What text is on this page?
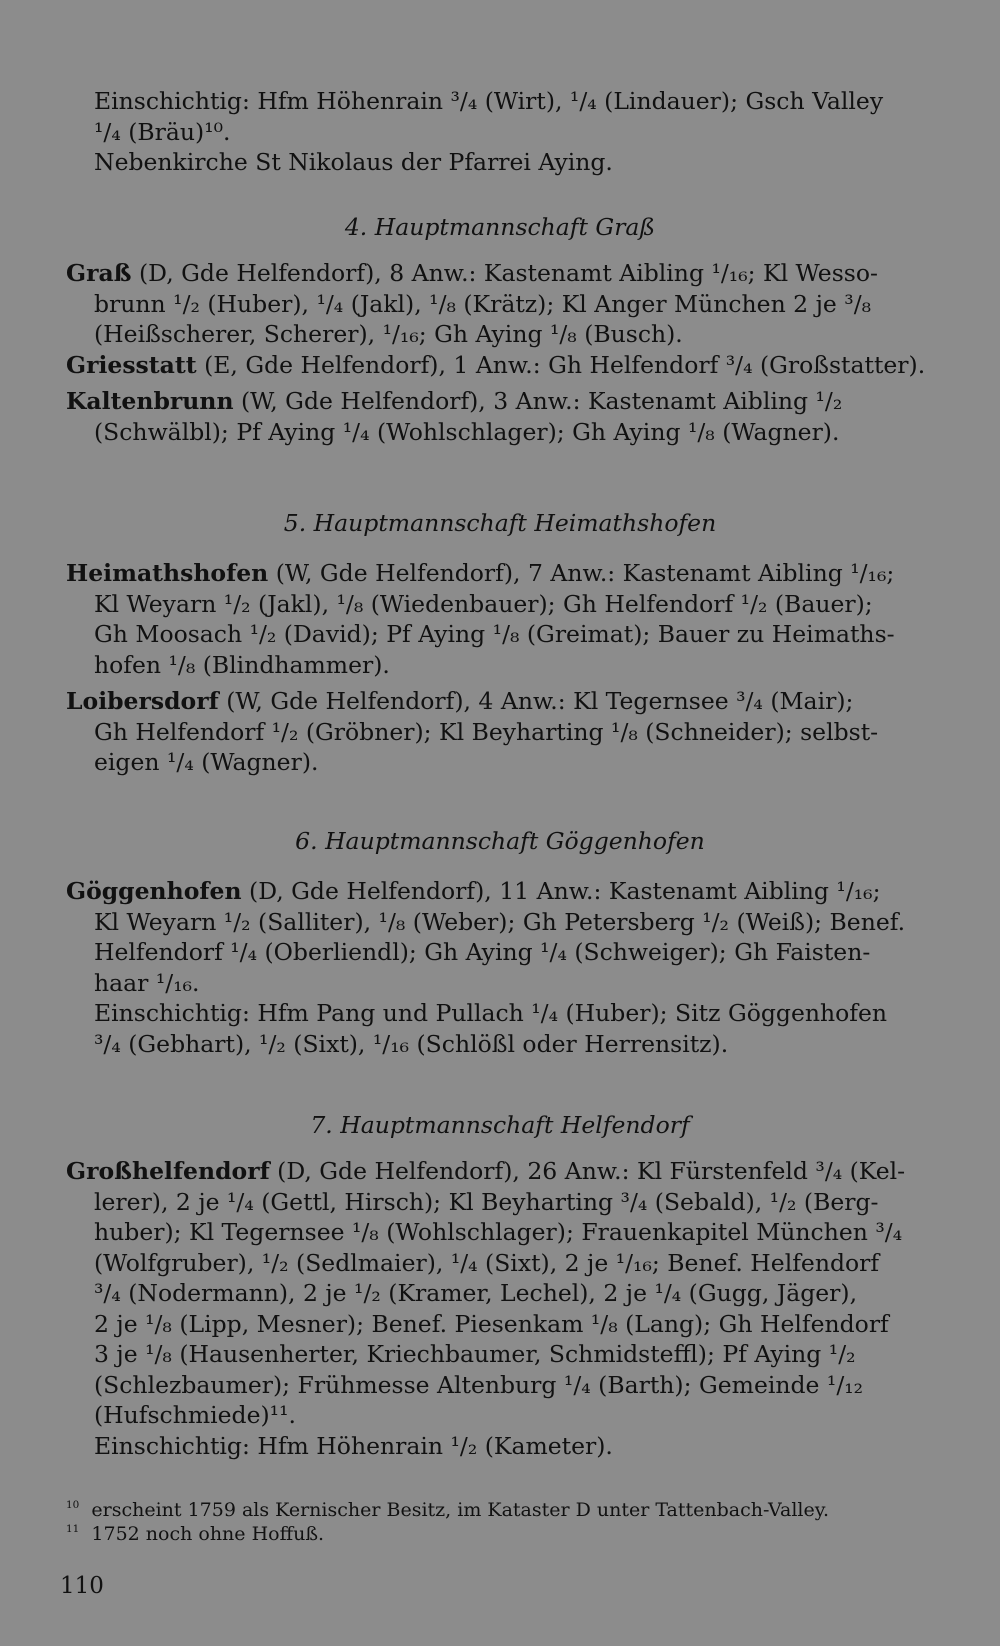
Einschichtig: Hfm Höhenrain ³/₄ (Wirt), ¹/₄ (Lindauer); Gsch Valley
¹/₄ (Bräu)¹⁰.
Nebenkirche St Nikolaus der Pfarrei Aying.
4. Hauptmannschaft Graß
Graß (D, Gde Helfendorf), 8 Anw.: Kastenamt Aibling ¹/₁₆; Kl Wesso-
brunn ¹/₂ (Huber), ¹/₄ (Jakl), ¹/₈ (Krätz); Kl Anger München 2 je ³/₈
(Heißscherer, Scherer), ¹/₁₆; Gh Aying ¹/₈ (Busch).
Griesstatt (E, Gde Helfendorf), 1 Anw.: Gh Helfendorf ³/₄ (Großstatter).
Kaltenbrunn (W, Gde Helfendorf), 3 Anw.: Kastenamt Aibling ¹/₂
(Schwälbl); Pf Aying ¹/₄ (Wohlschlager); Gh Aying ¹/₈ (Wagner).
5. Hauptmannschaft Heimathshofen
Heimathshofen (W, Gde Helfendorf), 7 Anw.: Kastenamt Aibling ¹/₁₆;
Kl Weyarn ¹/₂ (Jakl), ¹/₈ (Wiedenbauer); Gh Helfendorf ¹/₂ (Bauer);
Gh Moosach ¹/₂ (David); Pf Aying ¹/₈ (Greimat); Bauer zu Heimaths-
hofen ¹/₈ (Blindhammer).
Loibersdorf (W, Gde Helfendorf), 4 Anw.: Kl Tegernsee ³/₄ (Mair);
Gh Helfendorf ¹/₂ (Gröbner); Kl Beyharting ¹/₈ (Schneider); selbst-
eigen ¹/₄ (Wagner).
6. Hauptmannschaft Göggenhofen
Göggenhofen (D, Gde Helfendorf), 11 Anw.: Kastenamt Aibling ¹/₁₆;
Kl Weyarn ¹/₂ (Salliter), ¹/₈ (Weber); Gh Petersberg ¹/₂ (Weiß); Benef.
Helfendorf ¹/₄ (Oberliendl); Gh Aying ¹/₄ (Schweiger); Gh Faisten-
haar ¹/₁₆.
Einschichtig: Hfm Pang und Pullach ¹/₄ (Huber); Sitz Göggenhofen
³/₄ (Gebhart), ¹/₂ (Sixt), ¹/₁₆ (Schlößl oder Herrensitz).
7. Hauptmannschaft Helfendorf
Großhelfendorf (D, Gde Helfendorf), 26 Anw.: Kl Fürstenfeld ³/₄ (Kel-
lerer), 2 je ¹/₄ (Gettl, Hirsch); Kl Beyharting ³/₄ (Sebald), ¹/₂ (Berg-
huber); Kl Tegernsee ¹/₈ (Wohlschlager); Frauenkapitel München ³/₄
(Wolfgruber), ¹/₂ (Sedlmaier), ¹/₄ (Sixt), 2 je ¹/₁₆; Benef. Helfendorf
³/₄ (Nodermann), 2 je ¹/₂ (Kramer, Lechel), 2 je ¹/₄ (Gugg, Jäger),
2 je ¹/₈ (Lipp, Mesner); Benef. Piesenkam ¹/₈ (Lang); Gh Helfendorf
3 je ¹/₈ (Hausenherter, Kriechbaumer, Schmidsteffl); Pf Aying ¹/₂
(Schlezbaumer); Frühmesse Altenburg ¹/₄ (Barth); Gemeinde ¹/₁₂
(Hufschmiede)¹¹.
Einschichtig: Hfm Höhenrain ¹/₂ (Kameter).
$^{10}$ erscheint 1759 als Kernischer Besitz, im Kataster D unter Tattenbach-Valley.
$^{11}$ 1752 noch ohne Hoffuß.
110
